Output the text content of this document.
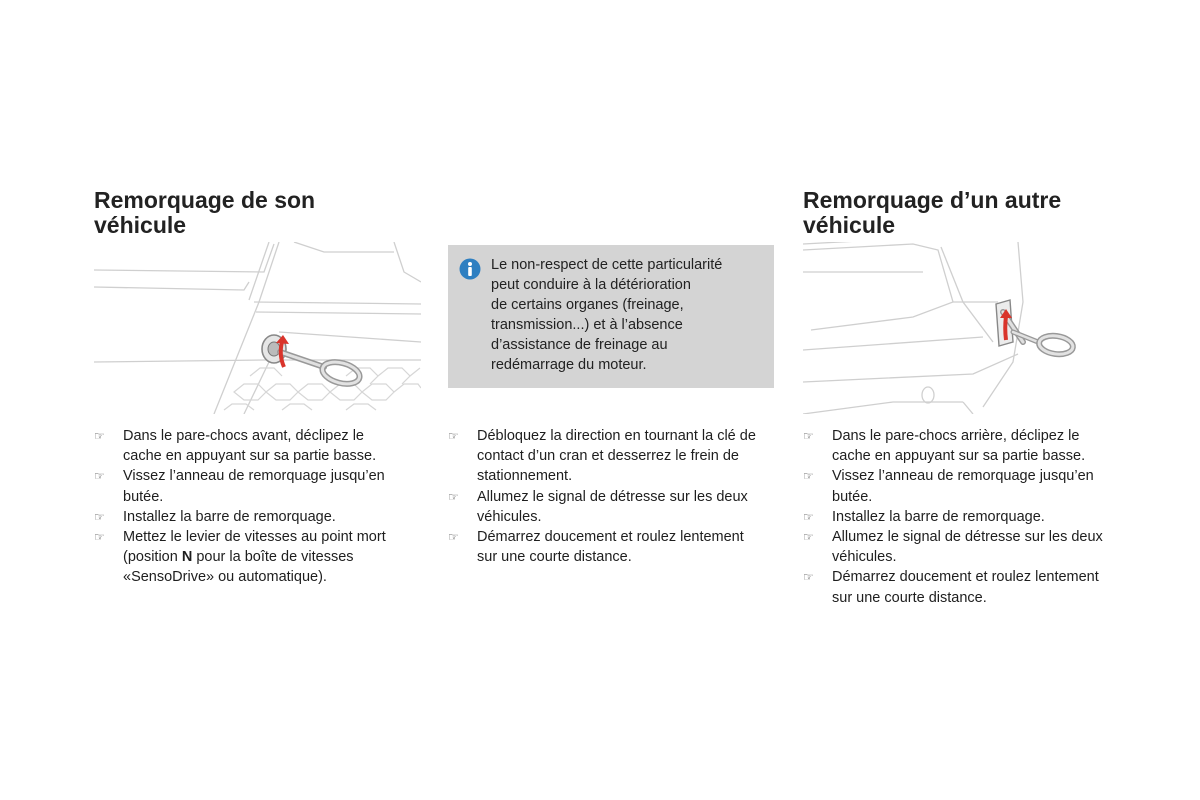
Remorquage de son
véhicule
Le non-respect de cette particularité
peut conduire à la détérioration
de certains organes (freinage,
transmission...) et à l’absence
d’assistance de freinage au
redémarrage du moteur.
Remorquage d’un autre
véhicule
☞ Dans le pare-chocs avant, déclipez le
cache en appuyant sur sa partie basse.
☞ Vissez l’anneau de remorquage jusqu’en
butée.
☞ Installez la barre de remorquage.
☞ Mettez le levier de vitesses au point mort
(position N pour la boîte de vitesses
«SensoDrive» ou automatique).
☞ Débloquez la direction en tournant la clé de
contact d’un cran et desserrez le frein de
stationnement.
☞ Allumez le signal de détresse sur les deux
véhicules.
☞ Démarrez doucement et roulez lentement
sur une courte distance.
☞ Dans le pare-chocs arrière, déclipez le
cache en appuyant sur sa partie basse.
☞ Vissez l’anneau de remorquage jusqu’en
butée.
☞ Installez la barre de remorquage.
☞ Allumez le signal de détresse sur les deux
véhicules.
☞ Démarrez doucement et roulez lentement
sur une courte distance.
